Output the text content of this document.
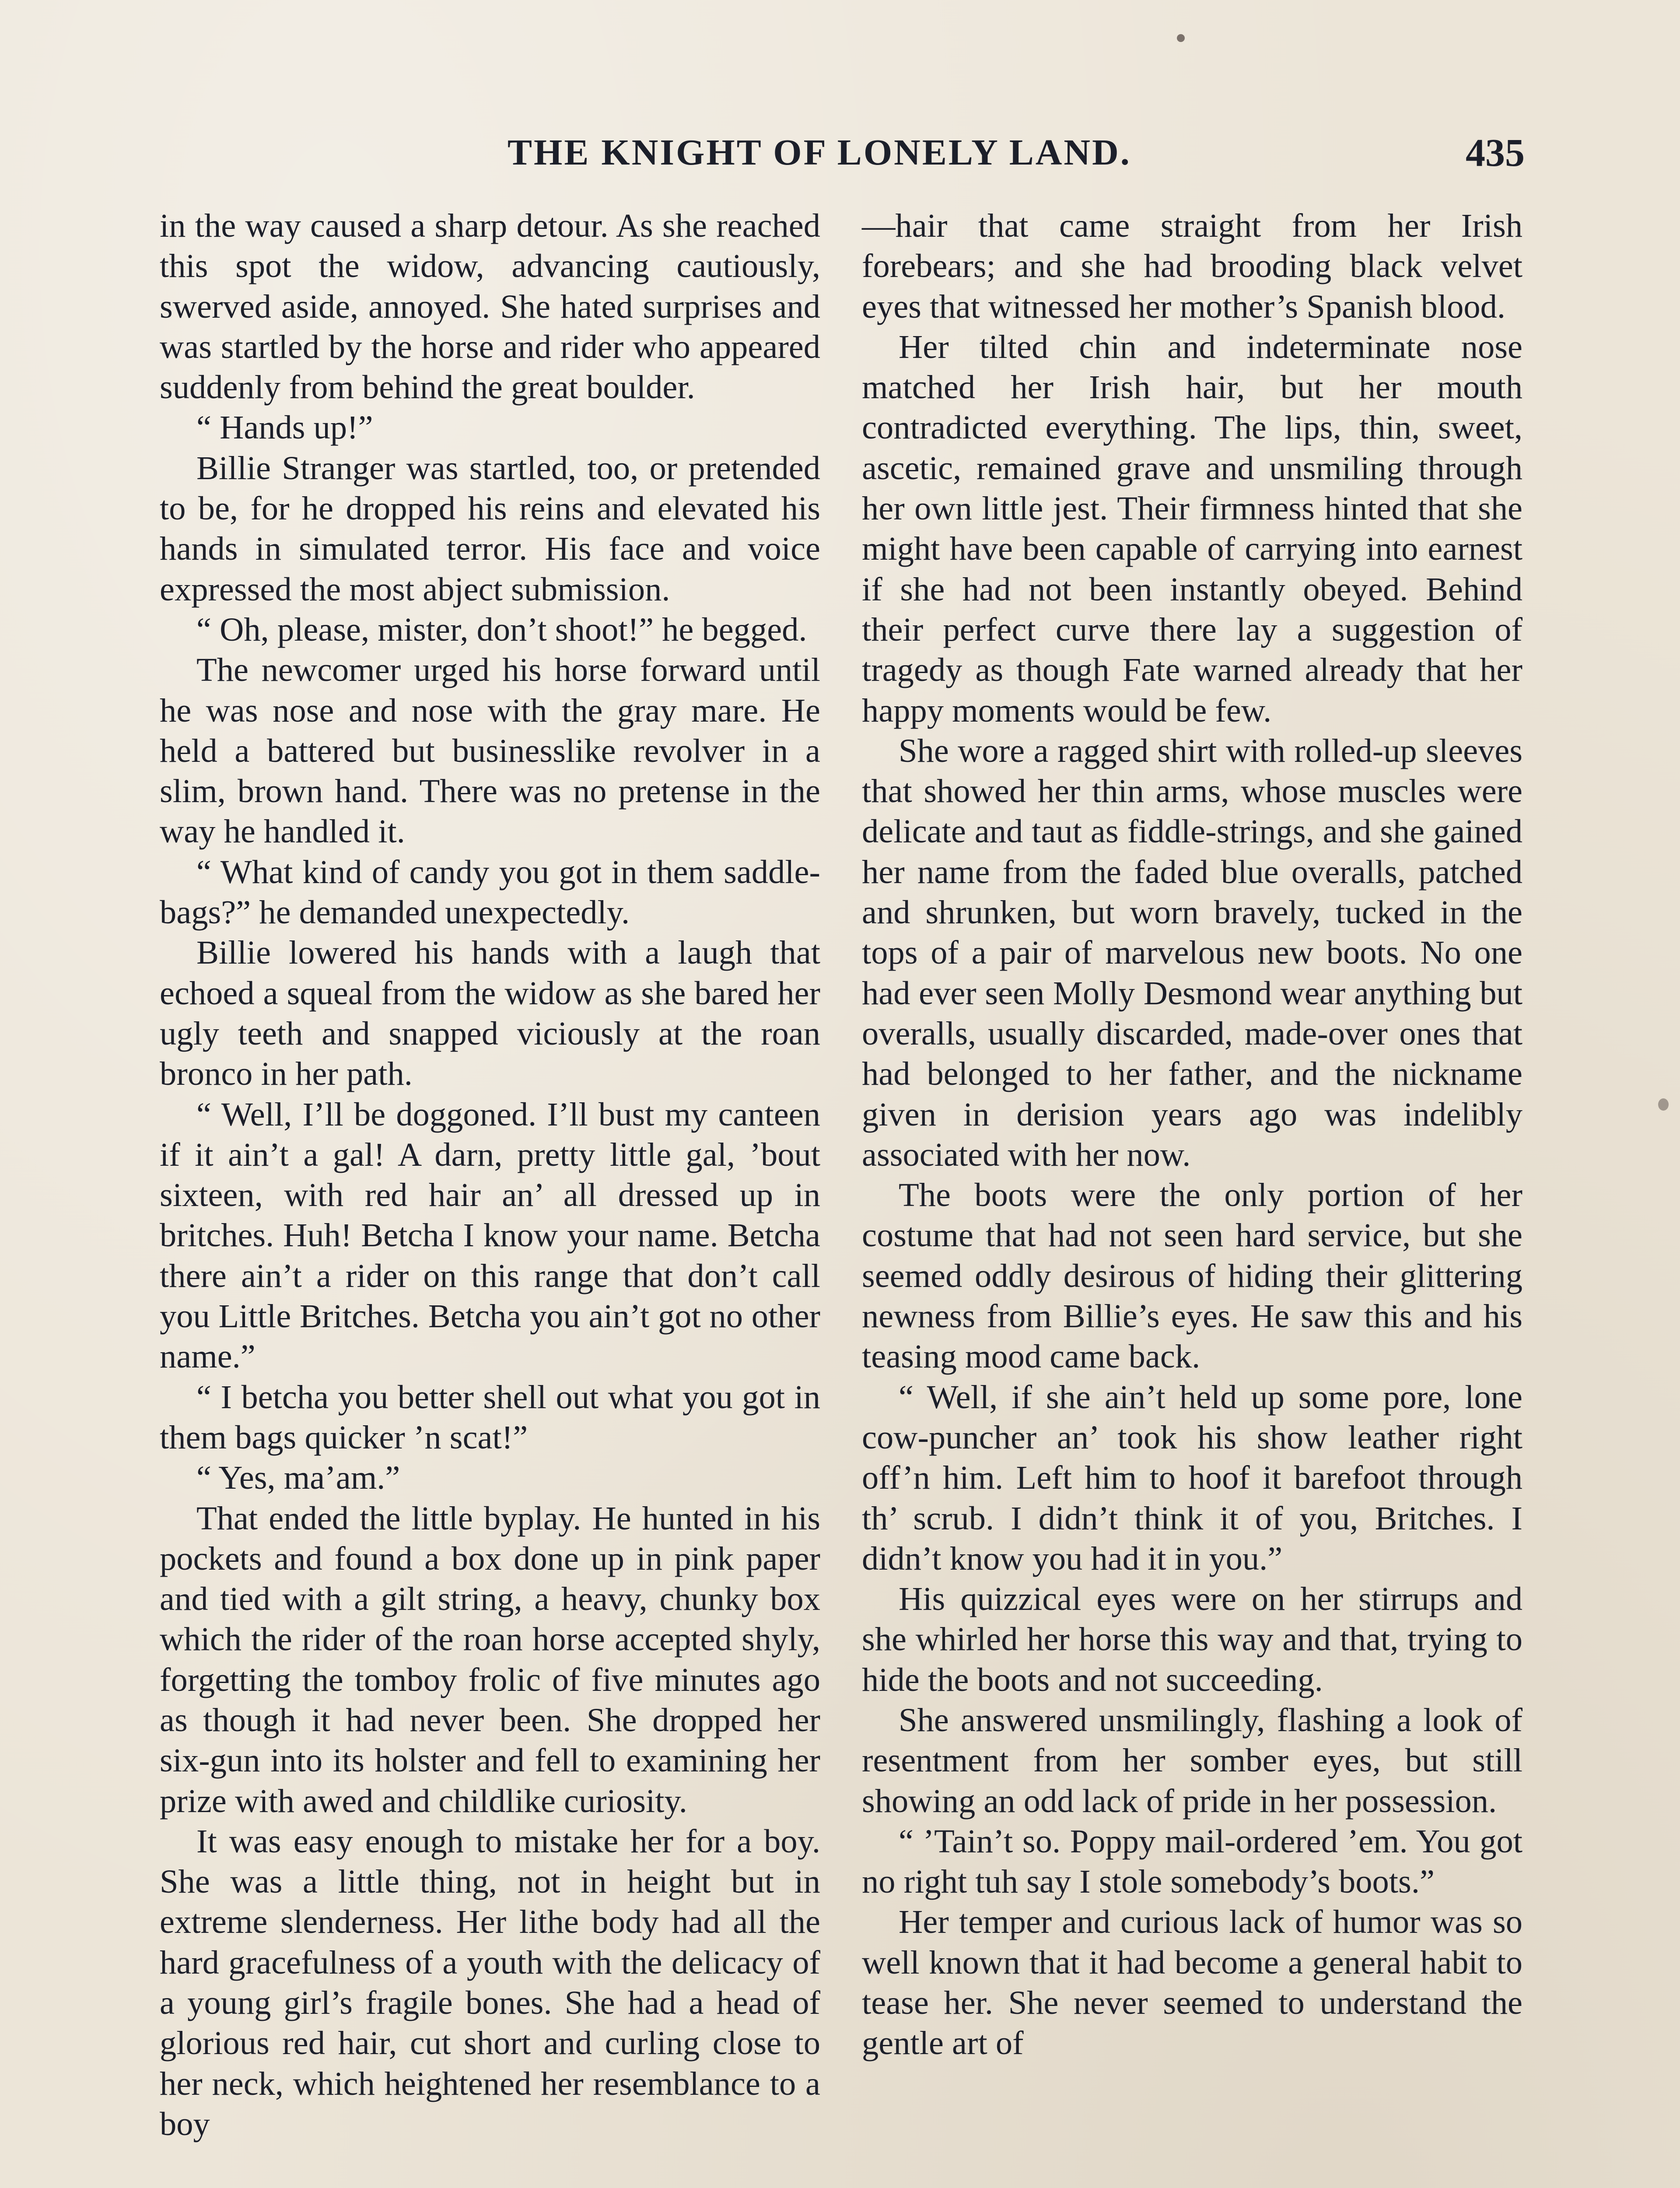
THE KNIGHT OF LONELY LAND.	435

in the way caused a sharp detour. As she reached this spot the widow, advancing cautiously, swerved aside, annoyed. She hated surprises and was startled by the horse and rider who appeared suddenly from behind the great boulder.

“ Hands up!”

Billie Stranger was startled, too, or pretended to be, for he dropped his reins and elevated his hands in simulated terror. His face and voice expressed the most abject submission.

“ Oh, please, mister, don’t shoot!” he begged.

The newcomer urged his horse forward until he was nose and nose with the gray mare. He held a battered but businesslike revolver in a slim, brown hand. There was no pretense in the way he handled it.

“ What kind of candy you got in them saddle-bags?” he demanded unexpectedly.

Billie lowered his hands with a laugh that echoed a squeal from the widow as she bared her ugly teeth and snapped viciously at the roan bronco in her path.

“ Well, I’ll be doggoned. I’ll bust my canteen if it ain’t a gal! A darn, pretty little gal, ’bout sixteen, with red hair an’ all dressed up in britches. Huh! Betcha I know your name. Betcha there ain’t a rider on this range that don’t call you Little Britches. Betcha you ain’t got no other name.”

“ I betcha you better shell out what you got in them bags quicker ’n scat!”

“ Yes, ma’am.”

That ended the little byplay. He hunted in his pockets and found a box done up in pink paper and tied with a gilt string, a heavy, chunky box which the rider of the roan horse accepted shyly, forgetting the tomboy frolic of five minutes ago as though it had never been. She dropped her six-gun into its holster and fell to examining her prize with awed and childlike curiosity.

It was easy enough to mistake her for a boy. She was a little thing, not in height but in extreme slenderness. Her lithe body had all the hard gracefulness of a youth with the delicacy of a young girl’s fragile bones. She had a head of glorious red hair, cut short and curling close to her neck, which heightened her resemblance to a boy

—hair that came straight from her Irish forebears; and she had brooding black velvet eyes that witnessed her mother’s Spanish blood.

Her tilted chin and indeterminate nose matched her Irish hair, but her mouth contradicted everything. The lips, thin, sweet, ascetic, remained grave and unsmiling through her own little jest. Their firmness hinted that she might have been capable of carrying into earnest if she had not been instantly obeyed. Behind their perfect curve there lay a suggestion of tragedy as though Fate warned already that her happy moments would be few.

She wore a ragged shirt with rolled-up sleeves that showed her thin arms, whose muscles were delicate and taut as fiddle-strings, and she gained her name from the faded blue overalls, patched and shrunken, but worn bravely, tucked in the tops of a pair of marvelous new boots. No one had ever seen Molly Desmond wear anything but overalls, usually discarded, made-over ones that had belonged to her father, and the nickname given in derision years ago was indelibly associated with her now.

The boots were the only portion of her costume that had not seen hard service, but she seemed oddly desirous of hiding their glittering newness from Billie’s eyes. He saw this and his teasing mood came back.

“ Well, if she ain’t held up some pore, lone cow-puncher an’ took his show leather right off’n him. Left him to hoof it barefoot through th’ scrub. I didn’t think it of you, Britches. I didn’t know you had it in you.”

His quizzical eyes were on her stirrups and she whirled her horse this way and that, trying to hide the boots and not succeeding.

She answered unsmilingly, flashing a look of resentment from her somber eyes, but still showing an odd lack of pride in her possession.

“ ’Tain’t so. Poppy mail-ordered ’em. You got no right tuh say I stole somebody’s boots.”

Her temper and curious lack of humor was so well known that it had become a general habit to tease her. She never seemed to understand the gentle art of
